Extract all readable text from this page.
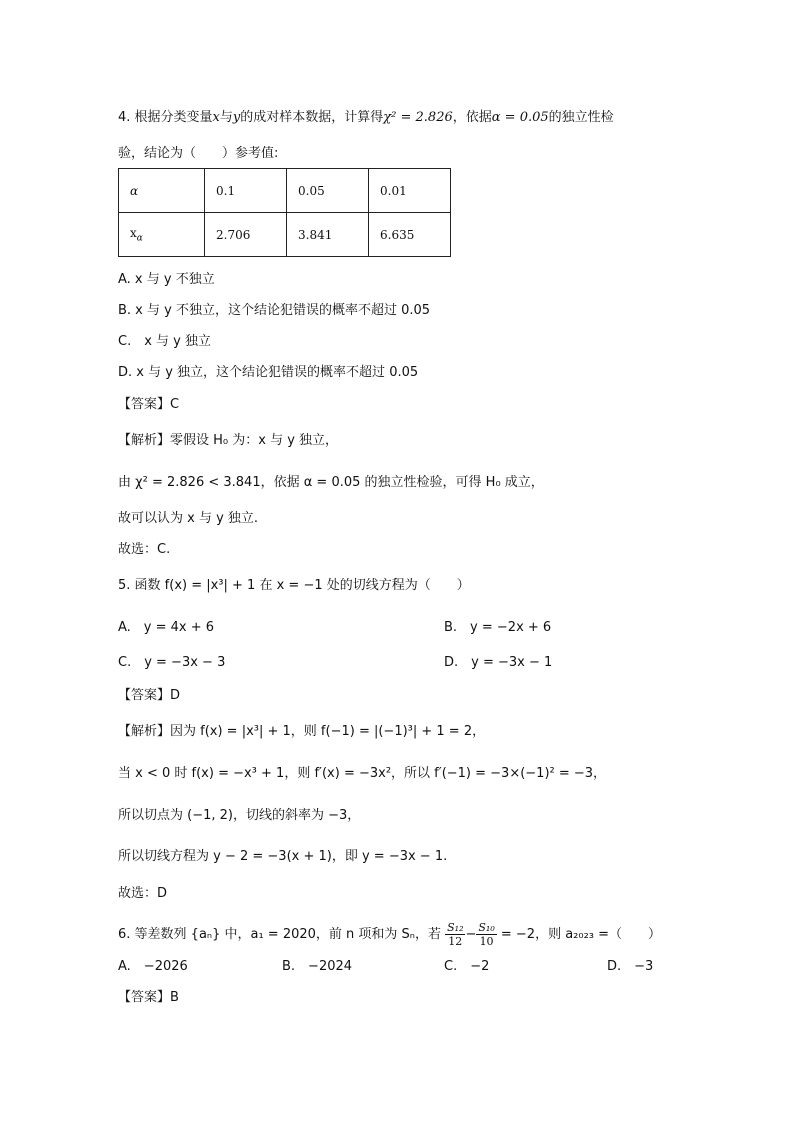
4. 根据分类变量x与y的成对样本数据，计算得χ² = 2.826，依据α = 0.05的独立性检
验，结论为（　　）参考值:
α	0.1	0.05	0.01
$x_\alpha$	2.706	3.841	6.635
A. x 与 y 不独立
B. x 与 y 不独立，这个结论犯错误的概率不超过 0.05
C.　x 与 y 独立
D. x 与 y 独立，这个结论犯错误的概率不超过 0.05
【答案】C
【解析】零假设 H₀ 为：x 与 y 独立，
由 χ² = 2.826 < 3.841，依据 α = 0.05 的独立性检验，可得 H₀ 成立，
故可以认为 x 与 y 独立.
故选：C.
5. 函数 f(x) = |x³| + 1 在 x = −1 处的切线方程为（　　）
A.　y = 4x + 6	B.　y = −2x + 6
C.　y = −3x − 3	D.　y = −3x − 1
【答案】D
【解析】因为 f(x) = |x³| + 1，则 f(−1) = |(−1)³| + 1 = 2，
当 x < 0 时 f(x) = −x³ + 1，则 f′(x) = −3x²，所以 f′(−1) = −3×(−1)² = −3，
所以切点为 (−1, 2)，切线的斜率为 −3，
所以切线方程为 y − 2 = −3(x + 1)，即 y = −3x − 1.
故选：D
6. 等差数列 {aₙ} 中，a₁ = 2020，前 n 项和为 Sₙ，若 $\frac{\text{S₁₂}}{12} - \frac{\text{S₁₀}}{10} = -2$，则 a₂₀₂₃ =（　　）
A.　−2026	B.　−2024	C.　−2	D.　−3
【答案】B
